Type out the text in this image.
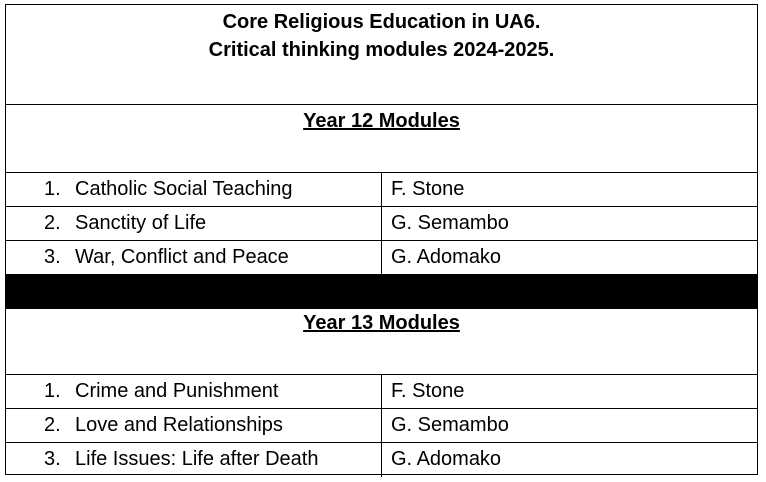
Core Religious Education in UA6.
Critical thinking modules 2024-2025.
Year 12 Modules
1. Catholic Social Teaching	F. Stone
2. Sanctity of Life	G. Semambo
3. War, Conflict and Peace	G. Adomako
Year 13 Modules
1. Crime and Punishment	F. Stone
2. Love and Relationships	G. Semambo
3. Life Issues: Life after Death	G. Adomako
